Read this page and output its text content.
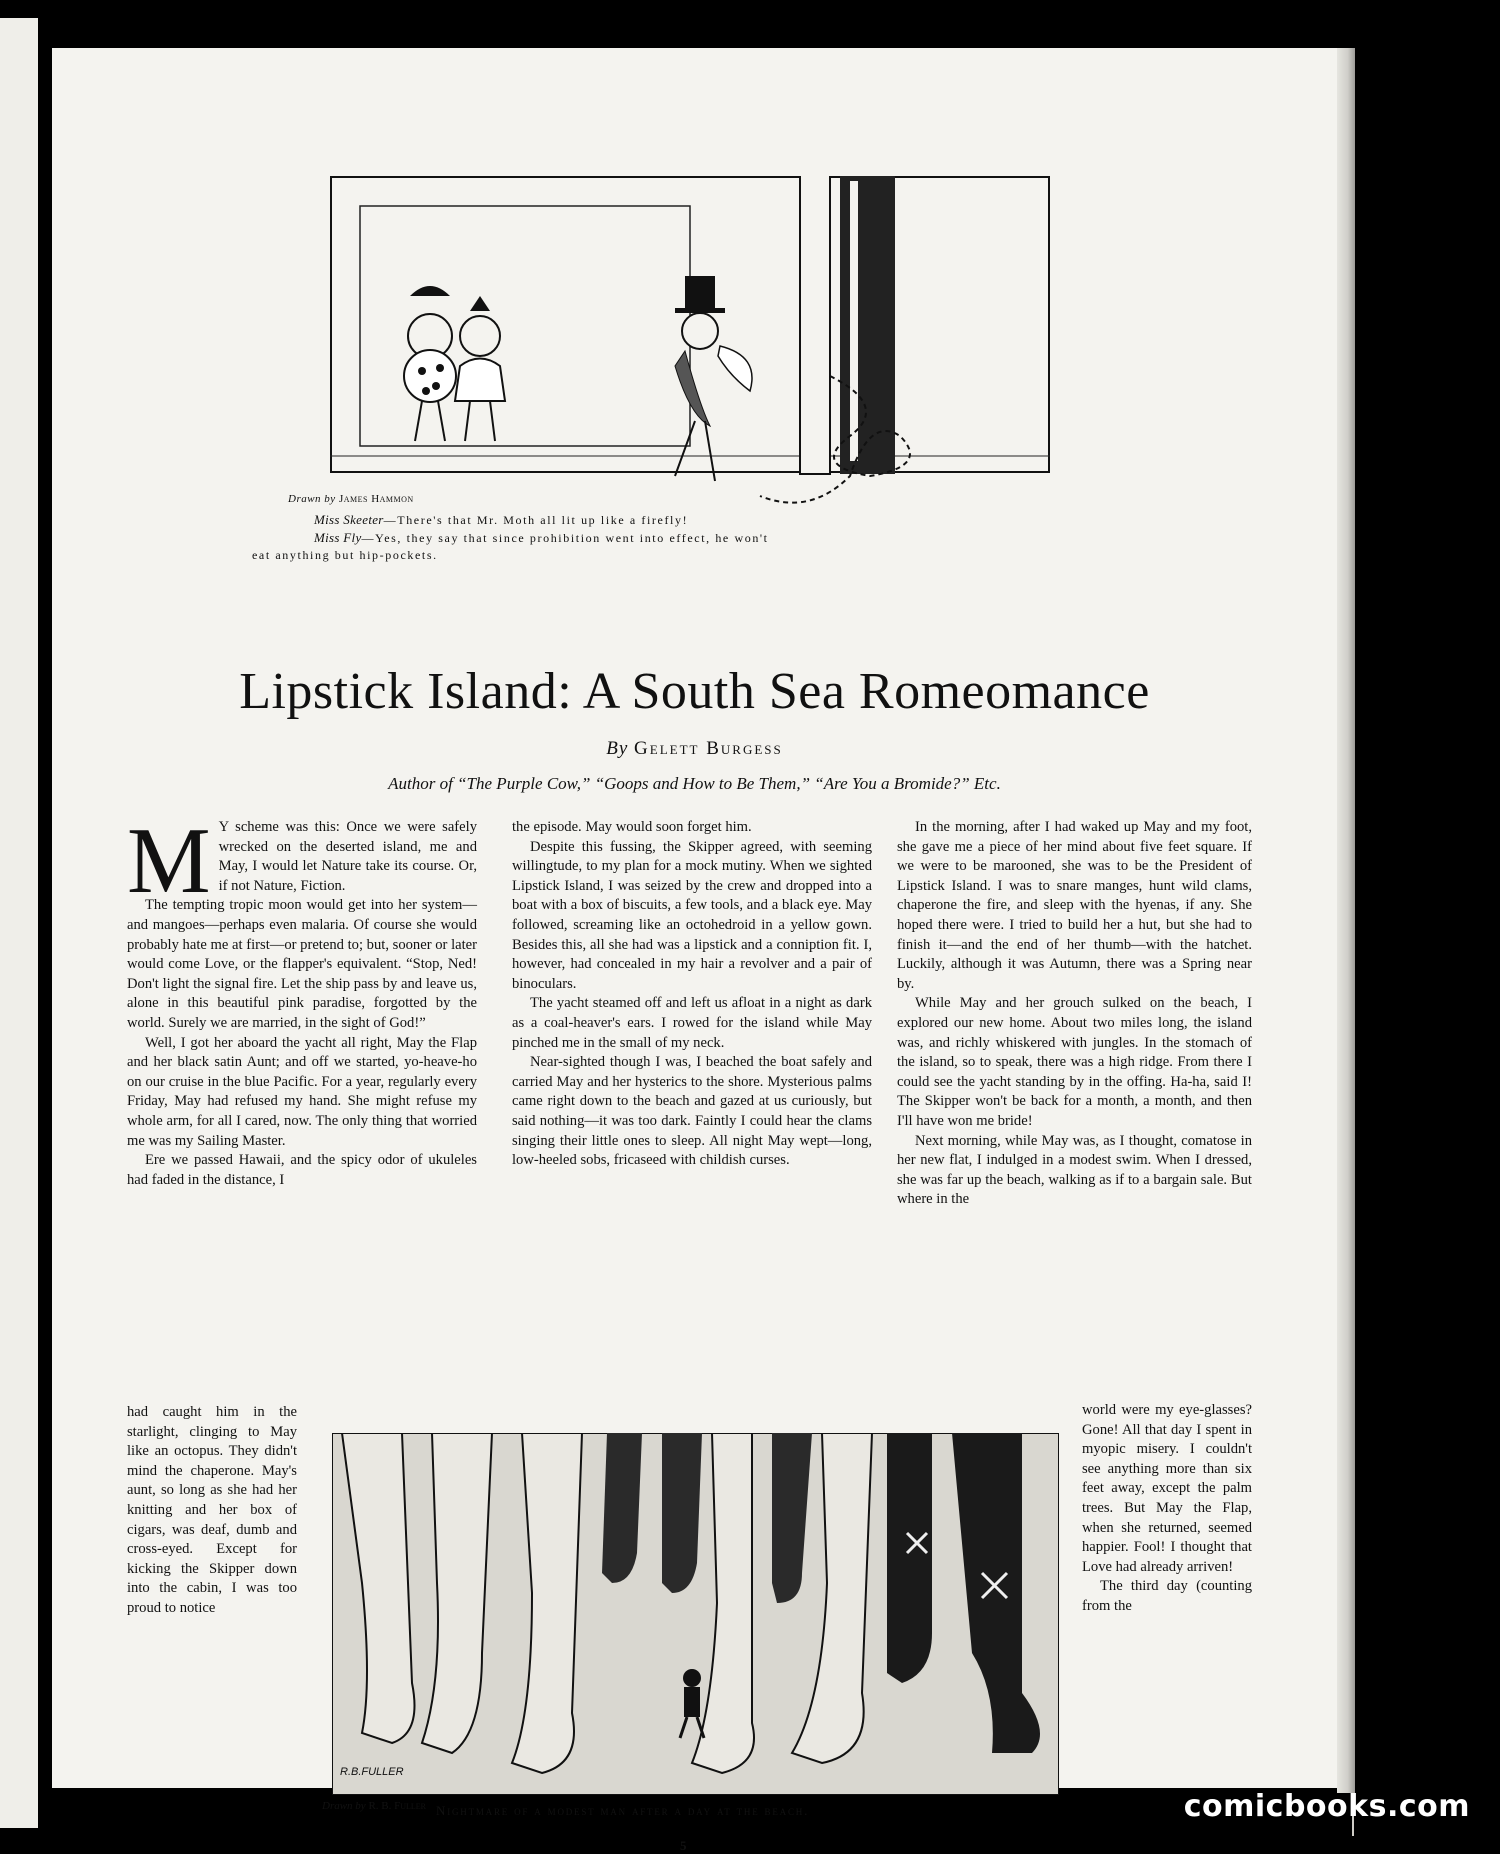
Drawn by James Hammon
Miss Skeeter—There's that Mr. Moth all lit up like a firefly!
Miss Fly—Yes, they say that since prohibition went into effect, he won't
eat anything but hip-pockets.
Lipstick Island: A South Sea Romeomance
By Gelett Burgess
Author of “The Purple Cow,” “Goops and How to Be Them,” “Are You a Bromide?” Etc.

M Y scheme was this: Once we were safely wrecked on the deserted island, me and May, I would let Nature take its course. Or, if not Nature, Fiction.

The tempting tropic moon would get into her system—and mangoes—perhaps even malaria. Of course she would probably hate me at first—or pretend to; but, sooner or later would come Love, or the flapper's equivalent. “Stop, Ned! Don't light the signal fire. Let the ship pass by and leave us, alone in this beautiful pink paradise, forgotted by the world. Surely we are married, in the sight of God!”

Well, I got her aboard the yacht all right, May the Flap and her black satin Aunt; and off we started, yo-heave-ho on our cruise in the blue Pacific. For a year, regularly every Friday, May had refused my hand. She might refuse my whole arm, for all I cared, now. The only thing that worried me was my Sailing Master.

Ere we passed Hawaii, and the spicy odor of ukuleles had faded in the distance, I

had caught him in the starlight, clinging to May like an octopus. They didn't mind the chaperone. May's aunt, so long as she had her knitting and her box of cigars, was deaf, dumb and cross-eyed. Except for kicking the Skipper down into the cabin, I was too proud to notice

the episode. May would soon forget him.

Despite this fussing, the Skipper agreed, with seeming willingtude, to my plan for a mock mutiny. When we sighted Lipstick Island, I was seized by the crew and dropped into a boat with a box of biscuits, a few tools, and a black eye. May followed, screaming like an octohedroid in a yellow gown. Besides this, all she had was a lipstick and a conniption fit. I, however, had concealed in my hair a revolver and a pair of binoculars.

The yacht steamed off and left us afloat in a night as dark as a coal-heaver's ears. I rowed for the island while May pinched me in the small of my neck.

Near-sighted though I was, I beached the boat safely and carried May and her hysterics to the shore. Mysterious palms came right down to the beach and gazed at us curiously, but said nothing—it was too dark. Faintly I could hear the clams singing their little ones to sleep. All night May wept—long, low-heeled sobs, fricaseed with childish curses.

In the morning, after I had waked up May and my foot, she gave me a piece of her mind about five feet square. If we were to be marooned, she was to be the President of Lipstick Island. I was to snare manges, hunt wild clams, chaperone the fire, and sleep with the hyenas, if any. She hoped there were. I tried to build her a hut, but she had to finish it—and the end of her thumb—with the hatchet. Luckily, although it was Autumn, there was a Spring near by.

While May and her grouch sulked on the beach, I explored our new home. About two miles long, the island was, and richly whiskered with jungles. In the stomach of the island, so to speak, there was a high ridge. From there I could see the yacht standing by in the offing. Ha-ha, said I! The Skipper won't be back for a month, a month, and then I'll have won me bride!

Next morning, while May was, as I thought, comatose in her new flat, I indulged in a modest swim. When I dressed, she was far up the beach, walking as if to a bargain sale. But where in the

world were my eye-glasses? Gone! All that day I spent in myopic misery. I couldn't see anything more than six feet away, except the palm trees. But May the Flap, when she returned, seemed happier. Fool! I thought that Love had already arriven!

The third day (counting from the

R.B.FULLER
Drawn by R. B. Fuller Nightmare of a modest man after a day at the beach.
5
comicbooks.com
